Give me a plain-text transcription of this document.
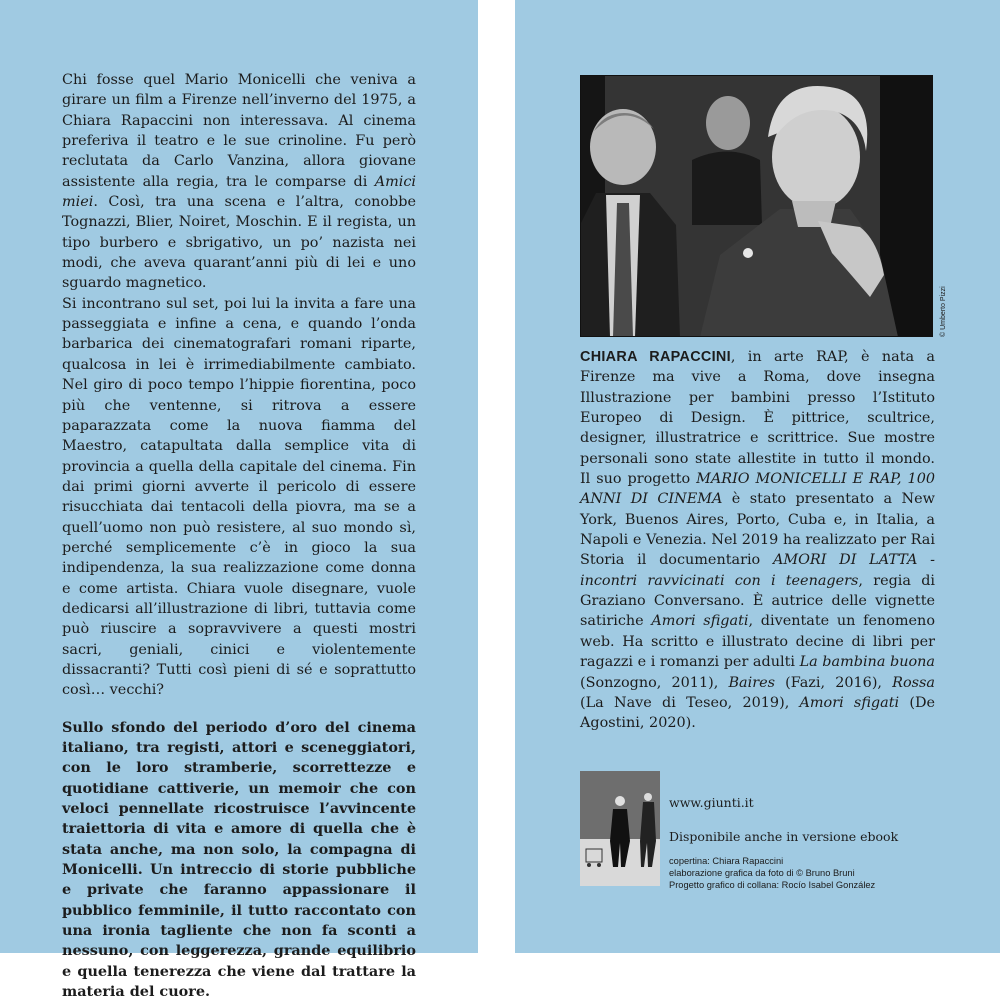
Chi fosse quel Mario Monicelli che veniva a girare un film a Firenze nell’inverno del 1975, a Chiara Rapaccini non interessava. Al cinema preferiva il teatro e le sue crinoline. Fu però reclutata da Carlo Vanzina, allora giovane assistente alla regia, tra le comparse di Amici miei. Così, tra una scena e l’altra, conobbe Tognazzi, Blier, Noiret, Moschin. E il regista, un tipo burbero e sbrigativo, un po’ nazista nei modi, che aveva quarant’anni più di lei e uno sguardo magnetico.

Si incontrano sul set, poi lui la invita a fare una passeggiata e infine a cena, e quando l’onda barbarica dei cinematografari romani riparte, qualcosa in lei è irrimediabilmente cambiato. Nel giro di poco tempo l’hippie fiorentina, poco più che ventenne, si ritrova a essere paparazzata come la nuova fiamma del Maestro, catapultata dalla semplice vita di provincia a quella della capitale del cinema. Fin dai primi giorni avverte il pericolo di essere risucchiata dai tentacoli della piovra, ma se a quell’uomo non può resistere, al suo mondo sì, perché semplicemente c’è in gioco la sua indipendenza, la sua realizzazione come donna e come artista. Chiara vuole disegnare, vuole dedicarsi all’illustrazione di libri, tuttavia come può riuscire a sopravvivere a questi mostri sacri, geniali, cinici e violentemente dissacranti? Tutti così pieni di sé e soprattutto così… vecchi?

Sullo sfondo del periodo d’oro del cinema italiano, tra registi, attori e sceneggiatori, con le loro stramberie, scorrettezze e quotidiane cattiverie, un memoir che con veloci pennellate ricostruisce l’avvincente traiettoria di vita e amore di quella che è stata anche, ma non solo, la compagna di Monicelli. Un intreccio di storie pubbliche e private che faranno appassionare il pubblico femminile, il tutto raccontato con una ironia tagliente che non fa sconti a nessuno, con leggerezza, grande equilibrio e quella tenerezza che viene dal trattare la materia del cuore.

© Umberto Pizzi

CHIARA RAPACCINI, in arte RAP, è nata a Firenze ma vive a Roma, dove insegna Illustrazione per bambini presso l’Istituto Europeo di Design. È pittrice, scultrice, designer, illustratrice e scrittrice. Sue mostre personali sono state allestite in tutto il mondo. Il suo progetto MARIO MONICELLI E RAP, 100 ANNI DI CINEMA è stato presentato a New York, Buenos Aires, Porto, Cuba e, in Italia, a Napoli e Venezia. Nel 2019 ha realizzato per Rai Storia il documentario AMORI DI LATTA - incontri ravvicinati con i teenagers, regia di Graziano Conversano. È autrice delle vignette satiriche Amori sfigati, diventate un fenomeno web. Ha scritto e illustrato decine di libri per ragazzi e i romanzi per adulti La bambina buona (Sonzogno, 2011), Baires (Fazi, 2016), Rossa (La Nave di Teseo, 2019), Amori sfigati (De Agostini, 2020).

www.giunti.it

Disponibile anche in versione ebook

copertina: Chiara Rapaccini
elaborazione grafica da foto di © Bruno Bruni
Progetto grafico di collana: Rocío Isabel González
